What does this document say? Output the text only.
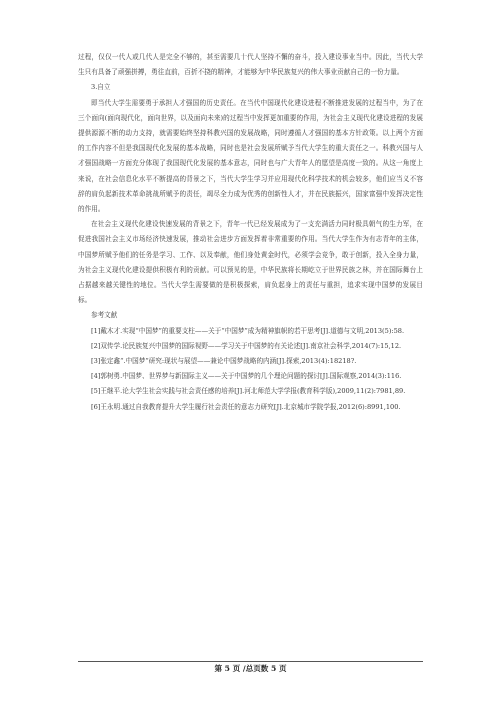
过程，仅仅一代人或几代人是完全不够的，甚至需要几十代人坚持不懈的奋斗，投入建设事业当中。因此，当代大学生只有具备了顽强拼搏，勇往直前，百折不挠的精神，才能够为中华民族复兴的伟大事业贡献自己的一份力量。

3.自立

即当代大学生需要勇于承担人才强国的历史责任。在当代中国现代化建设进程不断推进发展的过程当中，为了在三个面向(面向现代化，面向世界，以及面向未来)的过程当中发挥更加重要的作用，为社会主义现代化建设进程的发展提供源源不断的动力支持，就需要始终坚持科教兴国的发展战略，同时遵循人才强国的基本方针政策。以上两个方面的工作内容不但是我国现代化发展的基本战略，同时也是社会发展所赋予当代大学生的重大责任之一。科教兴国与人才强国战略一方面充分体现了我国现代化发展的基本意志，同时也与广大青年人的愿望是高度一致的。从这一角度上来说，在社会信息化水平不断提高的背景之下，当代大学生学习并应用现代化科学技术的机会较多，他们应当义不容辞的肩负起新技术革命挑战所赋予的责任，竭尽全力成为优秀的创新性人才，并在民族振兴，国家富强中发挥决定性的作用。

在社会主义现代化建设快速发展的背景之下，青年一代已经发展成为了一支充满活力同时极具朝气的生力军，在促进我国社会主义市场经济快速发展，推动社会进步方面发挥着非常重要的作用。当代大学生作为有志青年的主体，中国梦所赋予他们的任务是学习、工作、以及奉献，他们身处黄金时代，必须学会竞争，敢于创新，投入全身力量，为社会主义现代化建设提供积极有利的贡献。可以预见的是，中华民族将长期屹立于世界民族之林，并在国际舞台上占据越来越关键性的地位。当代大学生需要做的是积极探索，肩负起身上的责任与重担，追求实现中国梦的发展目标。

参考文献

[1]戴木才.实现“中国梦”的重要支柱——关于“中国梦”成为精神旗帜的若干思考[J].道德与文明,2013(5):58.

[2]双传学.论民族复兴中国梦的国际视野——学习关于中国梦的有关论述[J].南京社会科学,2014(7):15,12.

[3]张定鑫“.中国梦”研究:现状与展望——兼论中国梦战略的内涵[J].探索,2013(4):18218?.

[4]郭树勇.中国梦、世界梦与新国际主义——关于中国梦的几个理论问题的探讨[J].国际观察,2014(3):116.

[5]王继平.论大学生社会实践与社会责任感的培养[J].河北师范大学学报(教育科学版),2009,11(2):7981,89.

[6]王永明.通过自我教育提升大学生履行社会责任的意志力研究[J].北京城市学院学报,2012(6):8991,100.

第 5 页 /总页数 5 页
